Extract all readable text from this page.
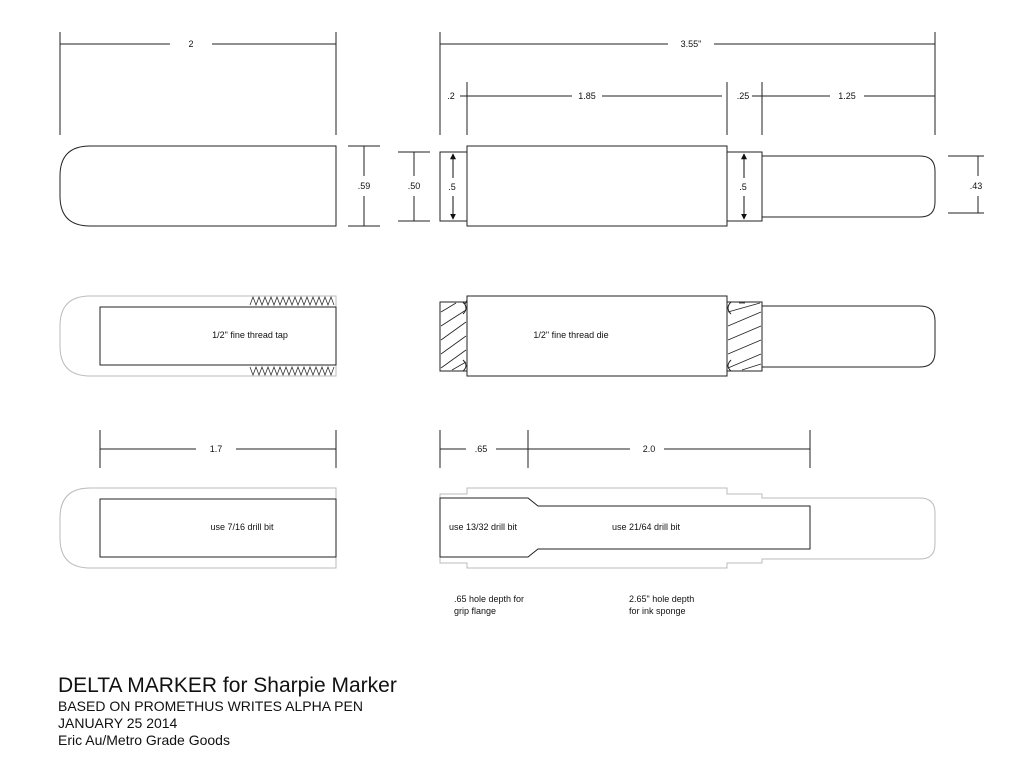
2
.59	.50
3.55"
.2	1.85	.25	1.25
.5	.5	.43
1/2" fine thread tap	1/2" fine thread die
1.7
use 7/16 drill bit
.65	2.0
use 13/32 drill bit	use 21/64 drill bit
.65 hole depth for
grip flange
2.65" hole depth
for ink sponge

DELTA MARKER for Sharpie Marker

BASED ON PROMETHUS WRITES ALPHA PEN

JANUARY 25 2014

Eric Au/Metro Grade Goods
